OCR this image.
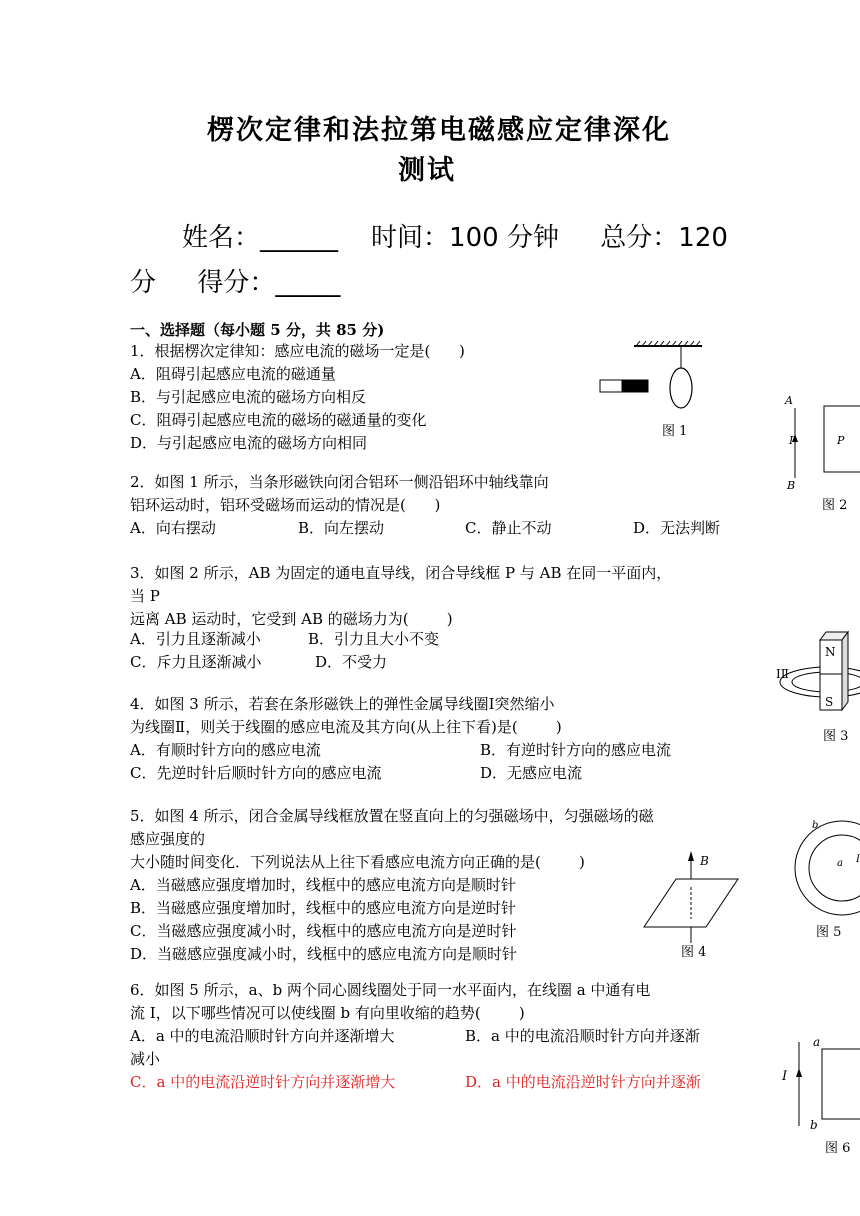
楞次定律和法拉第电磁感应定律深化
测试
姓名：______    时间：100 分钟     总分：120
分     得分：_____
一、选择题（每小题 5 分，共 85 分)
1．根据楞次定律知：感应电流的磁场一定是(      )
A．阻碍引起感应电流的磁通量
B．与引起感应电流的磁场方向相反
C．阻碍引起感应电流的磁场的磁通量的变化
D．与引起感应电流的磁场方向相同
2．如图 1 所示，当条形磁铁向闭合铝环一侧沿铝环中轴线靠向
铝环运动时，铝环受磁场而运动的情况是(      )
A．向右摆动	B．向左摆动	C．静止不动	D．无法判断
3．如图 2 所示，AB 为固定的通电直导线，闭合导线框 P 与 AB 在同一平面内，
当 P
远离 AB 运动时，它受到 AB 的磁场力为(        )
A．引力且逐渐减小	B．引力且大小不变
C．斥力且逐渐减小	D．不受力
4．如图 3 所示，若套在条形磁铁上的弹性金属导线圈Ⅰ突然缩小
为线圈Ⅱ，则关于线圈的感应电流及其方向(从上往下看)是(        )
A．有顺时针方向的感应电流	B．有逆时针方向的感应电流
C．先逆时针后顺时针方向的感应电流	D．无感应电流
5．如图 4 所示，闭合金属导线框放置在竖直向上的匀强磁场中，匀强磁场的磁
感应强度的
大小随时间变化．下列说法从上往下看感应电流方向正确的是(        )
A．当磁感应强度增加时，线框中的感应电流方向是顺时针
B．当磁感应强度增加时，线框中的感应电流方向是逆时针
C．当磁感应强度减小时，线框中的感应电流方向是逆时针
D．当磁感应强度减小时，线框中的感应电流方向是顺时针
6．如图 5 所示，a、b 两个同心圆线圈处于同一水平面内，在线圈 a 中通有电
流 I，以下哪些情况可以使线圈 b 有向里收缩的趋势(        )
A．a 中的电流沿顺时针方向并逐渐增大	B．a 中的电流沿顺时针方向并逐渐
减小
C．a 中的电流沿逆时针方向并逐渐增大	D．a 中的电流沿逆时针方向并逐渐
图 1
A
B
I	P
图 2
N
S
ⅠⅡ
图 3
B
图 4
b
a I
图 5
I
a
b
图 6
